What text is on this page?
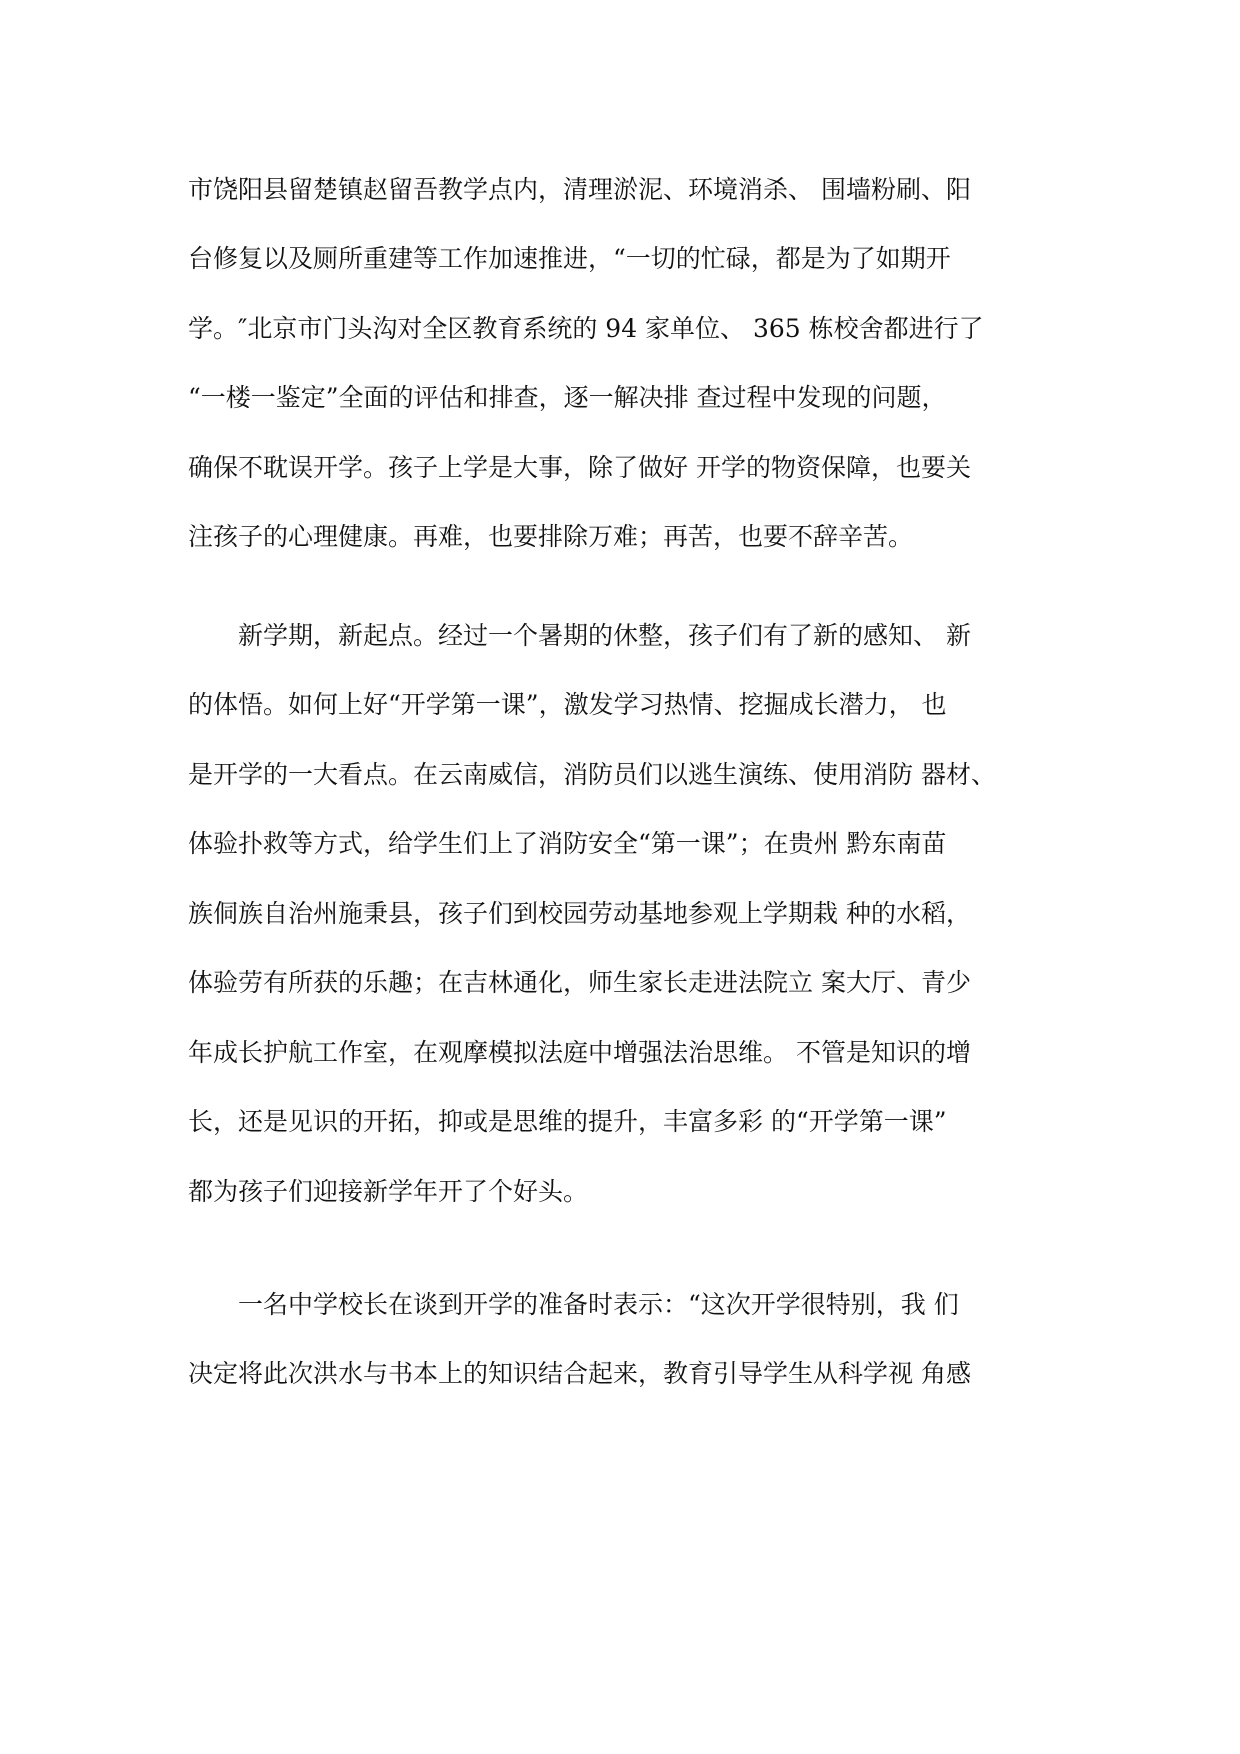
市饶阳县留楚镇赵留吾教学点内，清理淤泥、环境消杀、 围墙粉刷、阳
台修复以及厕所重建等工作加速推进，“一切的忙碌，都是为了如期开
学。″北京市门头沟对全区教育系统的 94 家单位、 365 栋校舍都进行了
“一楼一鉴定”全面的评估和排查，逐一解决排 查过程中发现的问题，
确保不耽误开学。孩子上学是大事，除了做好 开学的物资保障，也要关
注孩子的心理健康。再难，也要排除万难；再苦，也要不辞辛苦。
　　新学期，新起点。经过一个暑期的休整，孩子们有了新的感知、 新
的体悟。如何上好“开学第一课”，激发学习热情、挖掘成长潜力， 也
是开学的一大看点。在云南威信，消防员们以逃生演练、使用消防 器材、
体验扑救等方式，给学生们上了消防安全“第一课”；在贵州 黔东南苗
族侗族自治州施秉县，孩子们到校园劳动基地参观上学期栽 种的水稻，
体验劳有所获的乐趣；在吉林通化，师生家长走进法院立 案大厅、青少
年成长护航工作室，在观摩模拟法庭中增强法治思维。 不管是知识的增
长，还是见识的开拓，抑或是思维的提升，丰富多彩 的“开学第一课”
都为孩子们迎接新学年开了个好头。
　　一名中学校长在谈到开学的准备时表示：“这次开学很特别，我 们
决定将此次洪水与书本上的知识结合起来，教育引导学生从科学视 角感
